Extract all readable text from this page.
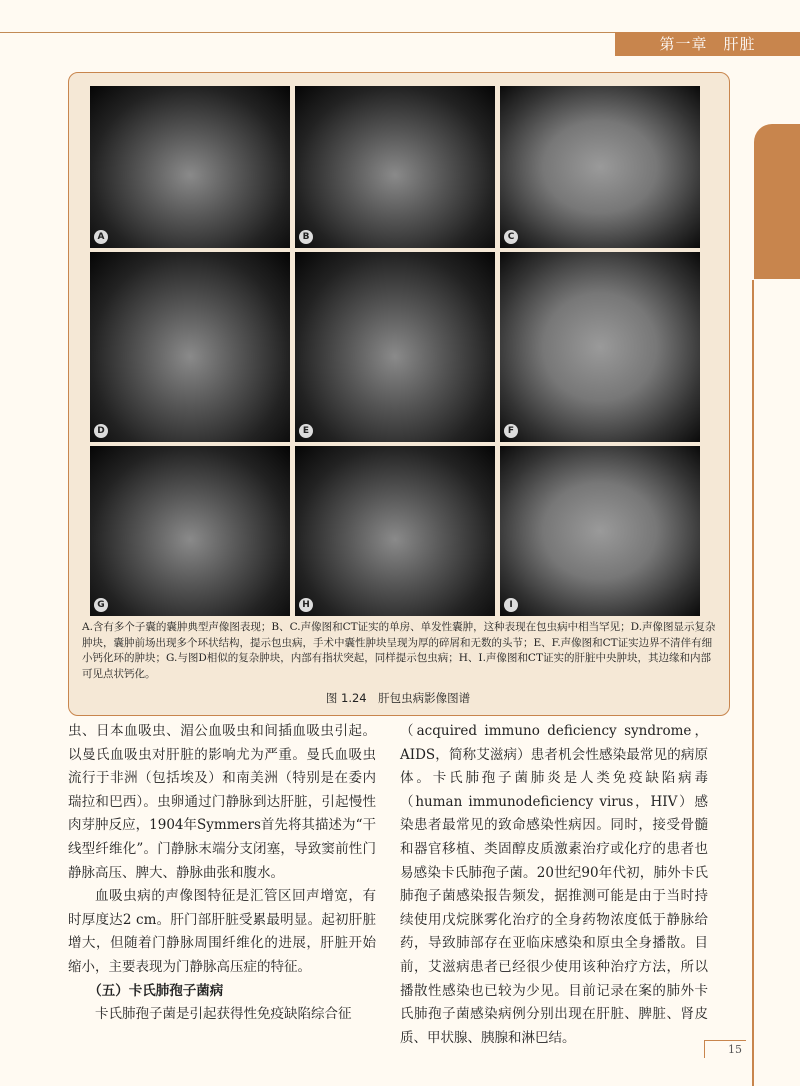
第一章　肝脏
A	B	C
D	E	F
G	H	I
A.含有多个子囊的囊肿典型声像图表现；B、C.声像图和CT证实的单房、单发性囊肿，这种表现在包虫病中相当罕见；D.声像图显示复杂肿块，囊肿前场出现多个环状结构，提示包虫病，手术中囊性肿块呈现为厚的碎屑和无数的头节；E、F.声像图和CT证实边界不清伴有细小钙化环的肿块；G.与图D相似的复杂肿块，内部有指状突起，同样提示包虫病；H、I.声像图和CT证实的肝脏中央肿块，其边缘和内部可见点状钙化。
图 1.24　肝包虫病影像图谱

虫、日本血吸虫、湄公血吸虫和间插血吸虫引起。以曼氏血吸虫对肝脏的影响尤为严重。曼氏血吸虫流行于非洲（包括埃及）和南美洲（特别是在委内瑞拉和巴西）。虫卵通过门静脉到达肝脏，引起慢性肉芽肿反应，1904年Symmers首先将其描述为“干线型纤维化”。门静脉末端分支闭塞，导致窦前性门静脉高压、脾大、静脉曲张和腹水。

血吸虫病的声像图特征是汇管区回声增宽，有时厚度达2 cm。肝门部肝脏受累最明显。起初肝脏增大，但随着门静脉周围纤维化的进展，肝脏开始缩小，主要表现为门静脉高压症的特征。

（五）卡氏肺孢子菌病

卡氏肺孢子菌是引起获得性免疫缺陷综合征

（acquired immuno deficiency syndrome，AIDS，简称艾滋病）患者机会性感染最常见的病原体。卡氏肺孢子菌肺炎是人类免疫缺陷病毒（human immunodeficiency virus，HIV）感染患者最常见的致命感染性病因。同时，接受骨髓和器官移植、类固醇皮质激素治疗或化疗的患者也易感染卡氏肺孢子菌。20世纪90年代初，肺外卡氏肺孢子菌感染报告频发，据推测可能是由于当时持续使用戊烷脒雾化治疗的全身药物浓度低于静脉给药，导致肺部存在亚临床感染和原虫全身播散。目前，艾滋病患者已经很少使用该种治疗方法，所以播散性感染也已较为少见。目前记录在案的肺外卡氏肺孢子菌感染病例分别出现在肝脏、脾脏、肾皮质、甲状腺、胰腺和淋巴结。

15
